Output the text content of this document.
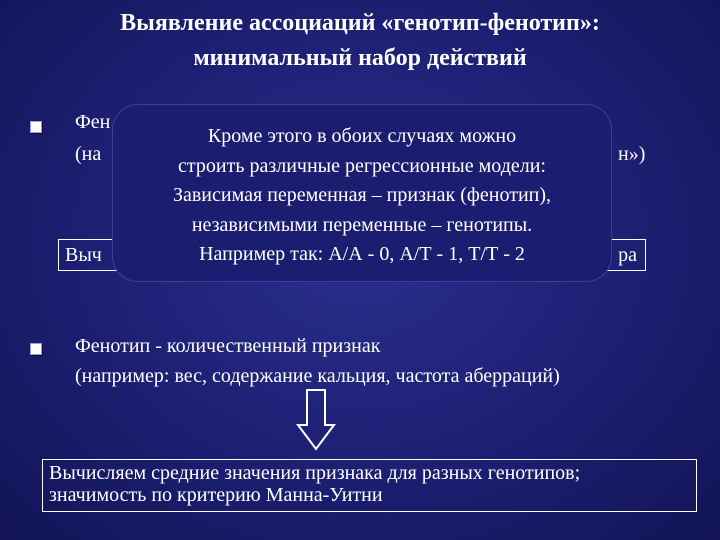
Выявление ассоциаций «генотип-фенотип»:
минимальный набор действий
Фен
(на	н»)
Выч	ра
Кроме этого в обоих случаях можно
строить различные регрессионные модели:
Зависимая переменная – признак (фенотип),
независимыми переменные – генотипы.
Например так: А/А - 0, А/Т - 1, Т/Т - 2
Фенотип - количественный признак
(например: вес, содержание кальция, частота аберраций)
Вычисляем средние значения признака для разных генотипов;
значимость по критерию Манна-Уитни
